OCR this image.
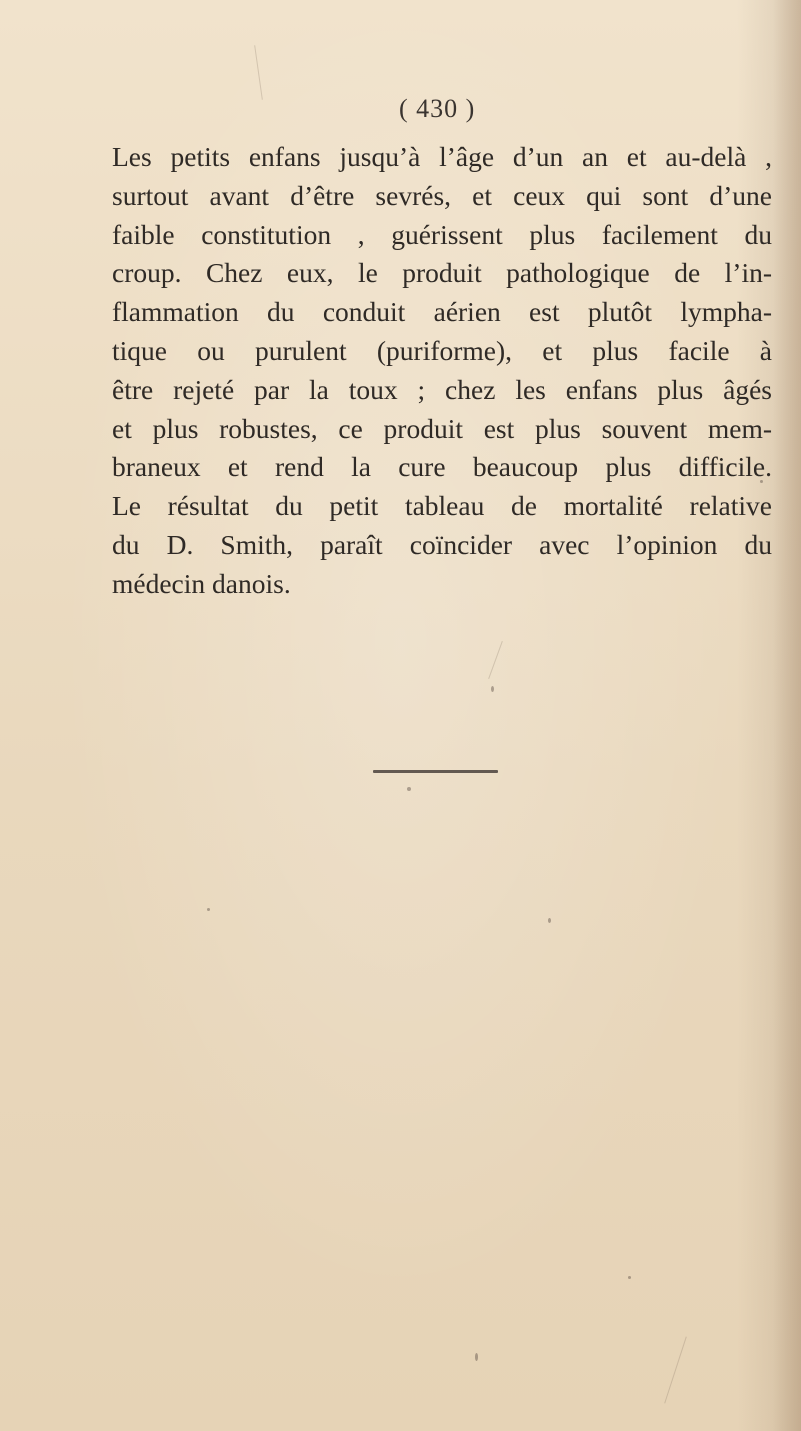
( 430 )

Les petits enfans jusqu’à l’âge d’un an et au-delà ,
surtout avant d’être sevrés, et ceux qui sont d’une
faible constitution , guérissent plus facilement du
croup. Chez eux, le produit pathologique de l’in-
flammation du conduit aérien est plutôt lympha-
tique ou purulent (puriforme), et plus facile à
être rejeté par la toux ; chez les enfans plus âgés
et plus robustes, ce produit est plus souvent mem-
braneux et rend la cure beaucoup plus difficile.
Le résultat du petit tableau de mortalité relative
du D. Smith, paraît coïncider avec l’opinion du
médecin danois.
